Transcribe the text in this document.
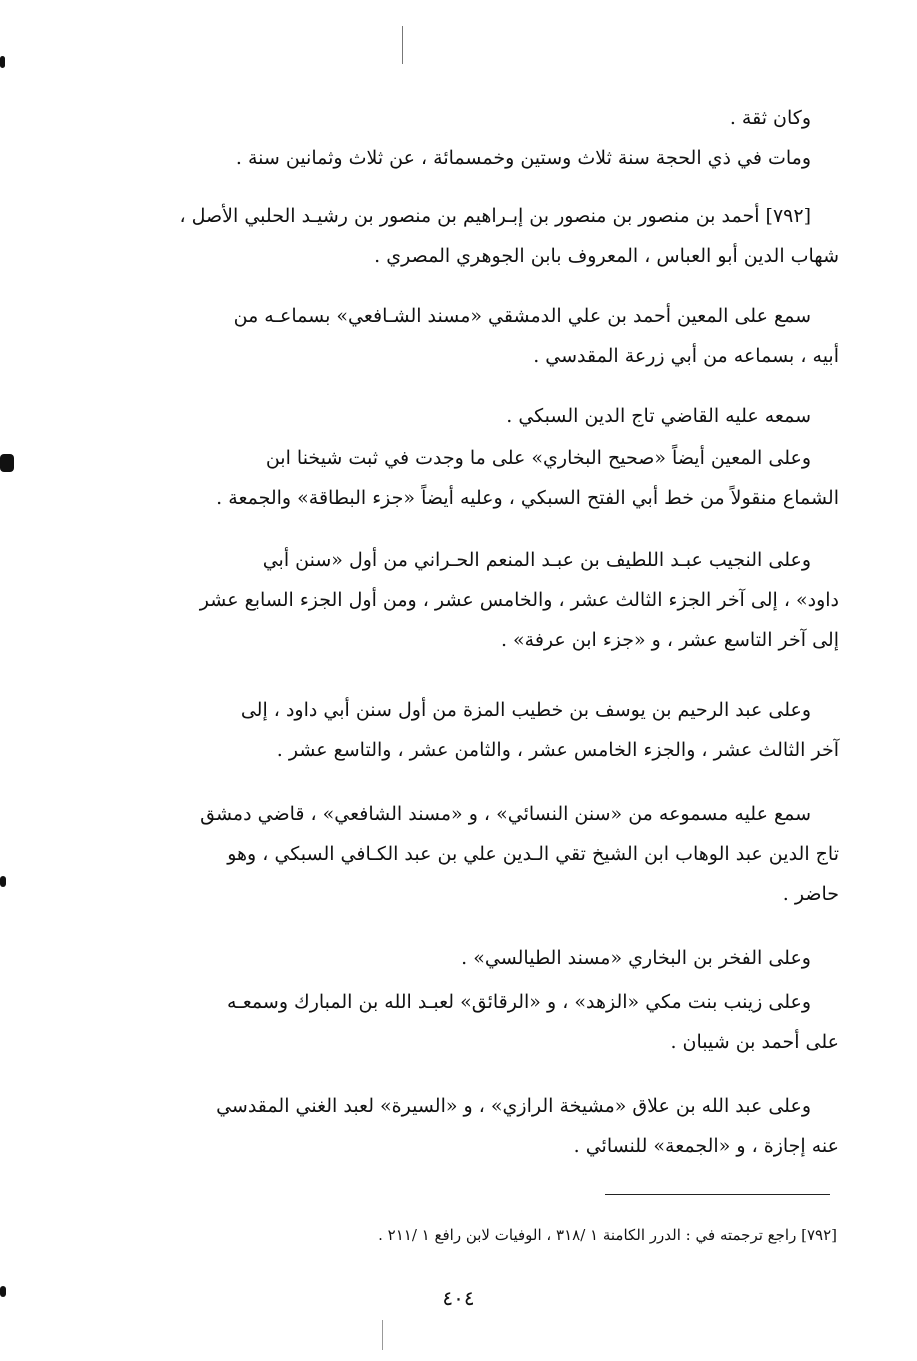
وكان ثقة .

ومات في ذي الحجة سنة ثلاث وستين وخمسمائة ، عن ثلاث وثمانين سنة .

[٧٩٢] أحمد بن منصور بن منصور بن إبـراهيم بن منصور بن رشيـد الحلبي الأصل ،

شهاب الدين أبو العباس ، المعروف بابن الجوهري المصري .

سمع على المعين أحمد بن علي الدمشقي «مسند الشـافعي» بسماعـه من

أبيه ، بسماعه من أبي زرعة المقدسي .

سمعه عليه القاضي تاج الدين السبكي .

وعلى المعين أيضاً «صحيح البخاري» على ما وجدت في ثبت شيخنا ابن

الشماع منقولاً من خط أبي الفتح السبكي ، وعليه أيضاً «جزء البطاقة» والجمعة .

وعلى النجيب عبـد اللطيف بن عبـد المنعم الحـراني من أول «سنن أبي

داود» ، إلى آخر الجزء الثالث عشر ، والخامس عشر ، ومن أول الجزء السابع عشر

إلى آخر التاسع عشر ، و «جزء ابن عرفة» .

وعلى عبد الرحيم بن يوسف بن خطيب المزة من أول سنن أبي داود ، إلى

آخر الثالث عشر ، والجزء الخامس عشر ، والثامن عشر ، والتاسع عشر .

سمع عليه مسموعه من «سنن النسائي» ، و «مسند الشافعي» ، قاضي دمشق

تاج الدين عبد الوهاب ابن الشيخ تقي الـدين علي بن عبد الكـافي السبكي ، وهو

حاضر .

وعلى الفخر بن البخاري «مسند الطيالسي» .

وعلى زينب بنت مكي «الزهد» ، و «الرقائق» لعبـد الله بن المبارك وسمعـه

على أحمد بن شيبان .

وعلى عبد الله بن علاق «مشيخة الرازي» ، و «السيرة» لعبد الغني المقدسي

عنه إجازة ، و «الجمعة» للنسائي .

[٧٩٢] راجع ترجمته في : الدرر الكامنة ١ /٣١٨ ، الوفيات لابن رافع ١ /٢١١ .
٤٠٤
